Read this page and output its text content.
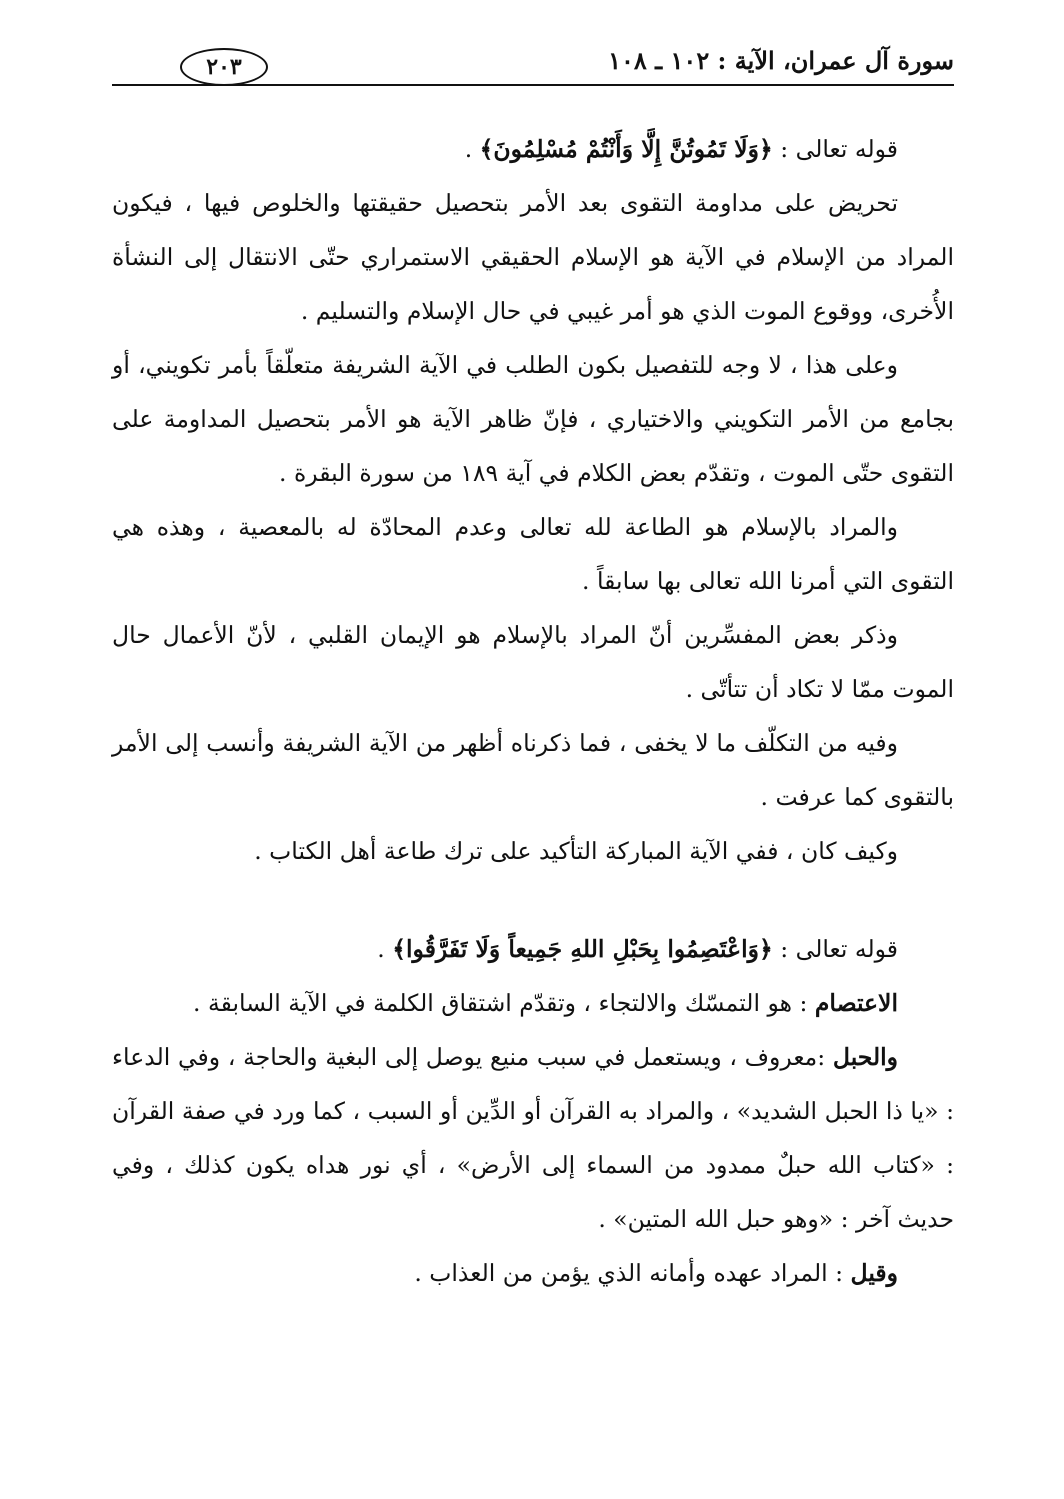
سورة آل عمران، الآية : ١٠٢ ـ ١٠٨
٢٠٣

قوله تعالى : ﴿وَلَا تَمُوتُنَّ إِلَّا وَأَنْتُمْ مُسْلِمُونَ﴾ .

تحريض على مداومة التقوى بعد الأمر بتحصيل حقيقتها والخلوص فيها ، فيكون المراد من الإسلام في الآية هو الإسلام الحقيقي الاستمراري حتّى الانتقال إلى النشأة الأُخرى، ووقوع الموت الذي هو أمر غيبي في حال الإسلام والتسليم .

وعلى هذا ، لا وجه للتفصيل بكون الطلب في الآية الشريفة متعلّقاً بأمر تكويني، أو بجامع من الأمر التكويني والاختياري ، فإنّ ظاهر الآية هو الأمر بتحصيل المداومة على التقوى حتّى الموت ، وتقدّم بعض الكلام في آية ١٨٩ من سورة البقرة .

والمراد بالإسلام هو الطاعة لله تعالى وعدم المحادّة له بالمعصية ، وهذه هي التقوى التي أمرنا الله تعالى بها سابقاً .

وذكر بعض المفسِّرين أنّ المراد بالإسلام هو الإيمان القلبي ، لأنّ الأعمال حال الموت ممّا لا تكاد أن تتأتّى .

وفيه من التكلّف ما لا يخفى ، فما ذكرناه أظهر من الآية الشريفة وأنسب إلى الأمر بالتقوى كما عرفت .

وكيف كان ، ففي الآية المباركة التأكيد على ترك طاعة أهل الكتاب .

قوله تعالى : ﴿وَاعْتَصِمُوا بِحَبْلِ اللهِ جَمِيعاً وَلَا تَفَرَّقُوا﴾ .

الاعتصام : هو التمسّك والالتجاء ، وتقدّم اشتقاق الكلمة في الآية السابقة .

والحبل :معروف ، ويستعمل في سبب منيع يوصل إلى البغية والحاجة ، وفي الدعاء : «يا ذا الحبل الشديد» ، والمراد به القرآن أو الدِّين أو السبب ، كما ورد في صفة القرآن : «كتاب الله حبلٌ ممدود من السماء إلى الأرض» ، أي نور هداه يكون كذلك ، وفي حديث آخر : «وهو حبل الله المتين» .

وقيل : المراد عهده وأمانه الذي يؤمن من العذاب .
